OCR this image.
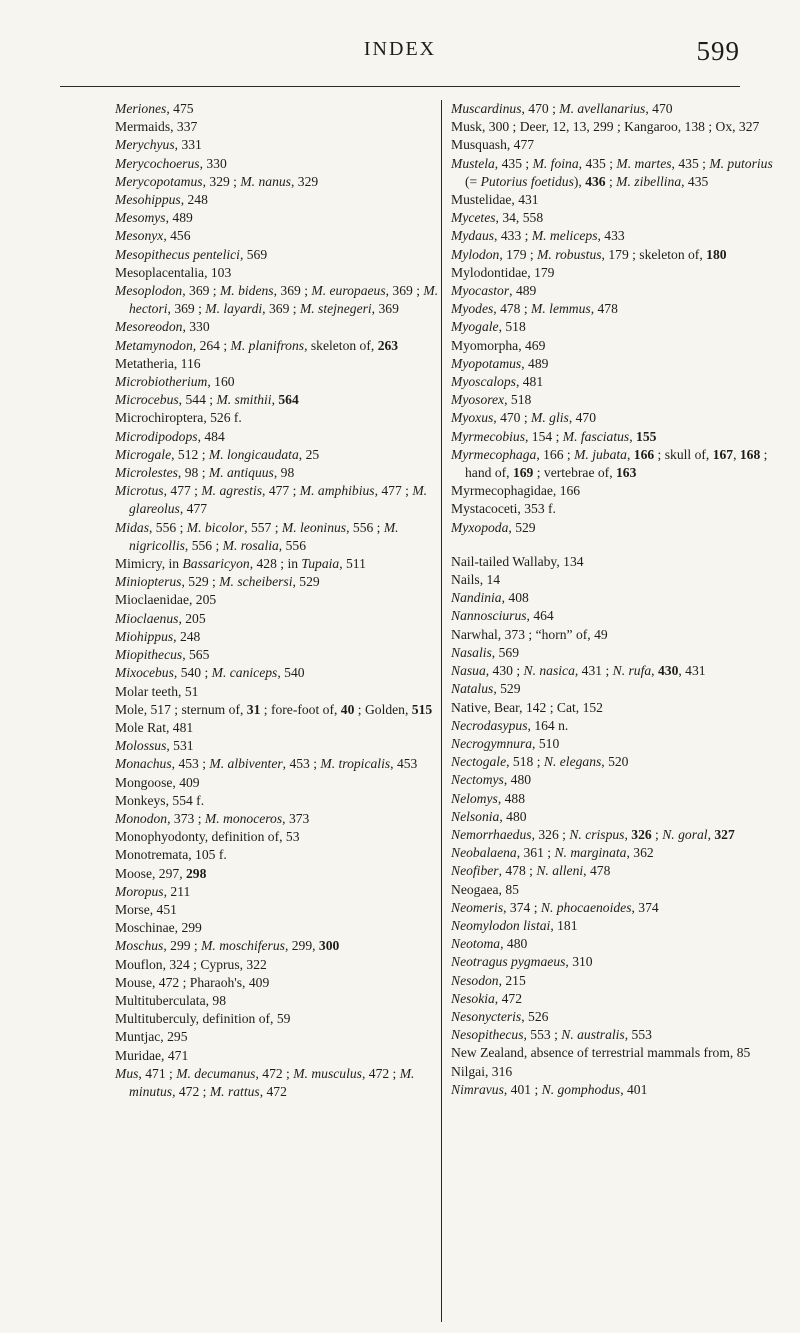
INDEX	599

Meriones, 475

Mermaids, 337

Merychyus, 331

Merycochoerus, 330

Merycopotamus, 329 ; M. nanus, 329

Mesohippus, 248

Mesomys, 489

Mesonyx, 456

Mesopithecus pentelici, 569

Mesoplacentalia, 103

Mesoplodon, 369 ; M. bidens, 369 ; M. europaeus, 369 ; M. hectori, 369 ; M. layardi, 369 ; M. stejnegeri, 369

Mesoreodon, 330

Metamynodon, 264 ; M. planifrons, skeleton of, 263

Metatheria, 116

Microbiotherium, 160

Microcebus, 544 ; M. smithii, 564

Microchiroptera, 526 f.

Microdipodops, 484

Microgale, 512 ; M. longicaudata, 25

Microlestes, 98 ; M. antiquus, 98

Microtus, 477 ; M. agrestis, 477 ; M. amphibius, 477 ; M. glareolus, 477

Midas, 556 ; M. bicolor, 557 ; M. leoninus, 556 ; M. nigricollis, 556 ; M. rosalia, 556

Mimicry, in Bassaricyon, 428 ; in Tupaia, 511

Miniopterus, 529 ; M. scheibersi, 529

Mioclaenidae, 205

Mioclaenus, 205

Miohippus, 248

Miopithecus, 565

Mixocebus, 540 ; M. caniceps, 540

Molar teeth, 51

Mole, 517 ; sternum of, 31 ; fore-foot of, 40 ; Golden, 515

Mole Rat, 481

Molossus, 531

Monachus, 453 ; M. albiventer, 453 ; M. tropicalis, 453

Mongoose, 409

Monkeys, 554 f.

Monodon, 373 ; M. monoceros, 373

Monophyodonty, definition of, 53

Monotremata, 105 f.

Moose, 297, 298

Moropus, 211

Morse, 451

Moschinae, 299

Moschus, 299 ; M. moschiferus, 299, 300

Mouflon, 324 ; Cyprus, 322

Mouse, 472 ; Pharaoh's, 409

Multituberculata, 98

Multituberculy, definition of, 59

Muntjac, 295

Muridae, 471

Mus, 471 ; M. decumanus, 472 ; M. musculus, 472 ; M. minutus, 472 ; M. rattus, 472

Muscardinus, 470 ; M. avellanarius, 470

Musk, 300 ; Deer, 12, 13, 299 ; Kangaroo, 138 ; Ox, 327

Musquash, 477

Mustela, 435 ; M. foina, 435 ; M. martes, 435 ; M. putorius (= Putorius foetidus), 436 ; M. zibellina, 435

Mustelidae, 431

Mycetes, 34, 558

Mydaus, 433 ; M. meliceps, 433

Mylodon, 179 ; M. robustus, 179 ; skeleton of, 180

Mylodontidae, 179

Myocastor, 489

Myodes, 478 ; M. lemmus, 478

Myogale, 518

Myomorpha, 469

Myopotamus, 489

Myoscalops, 481

Myosorex, 518

Myoxus, 470 ; M. glis, 470

Myrmecobius, 154 ; M. fasciatus, 155

Myrmecophaga, 166 ; M. jubata, 166 ; skull of, 167, 168 ; hand of, 169 ; vertebrae of, 163

Myrmecophagidae, 166

Mystacoceti, 353 f.

Myxopoda, 529

Nail-tailed Wallaby, 134

Nails, 14

Nandinia, 408

Nannosciurus, 464

Narwhal, 373 ; “horn” of, 49

Nasalis, 569

Nasua, 430 ; N. nasica, 431 ; N. rufa, 430, 431

Natalus, 529

Native, Bear, 142 ; Cat, 152

Necrodasypus, 164 n.

Necrogymnura, 510

Nectogale, 518 ; N. elegans, 520

Nectomys, 480

Nelomys, 488

Nelsonia, 480

Nemorrhaedus, 326 ; N. crispus, 326 ; N. goral, 327

Neobalaena, 361 ; N. marginata, 362

Neofiber, 478 ; N. alleni, 478

Neogaea, 85

Neomeris, 374 ; N. phocaenoides, 374

Neomylodon listai, 181

Neotoma, 480

Neotragus pygmaeus, 310

Nesodon, 215

Nesokia, 472

Nesonycteris, 526

Nesopithecus, 553 ; N. australis, 553

New Zealand, absence of terrestrial mammals from, 85

Nilgai, 316

Nimravus, 401 ; N. gomphodus, 401
